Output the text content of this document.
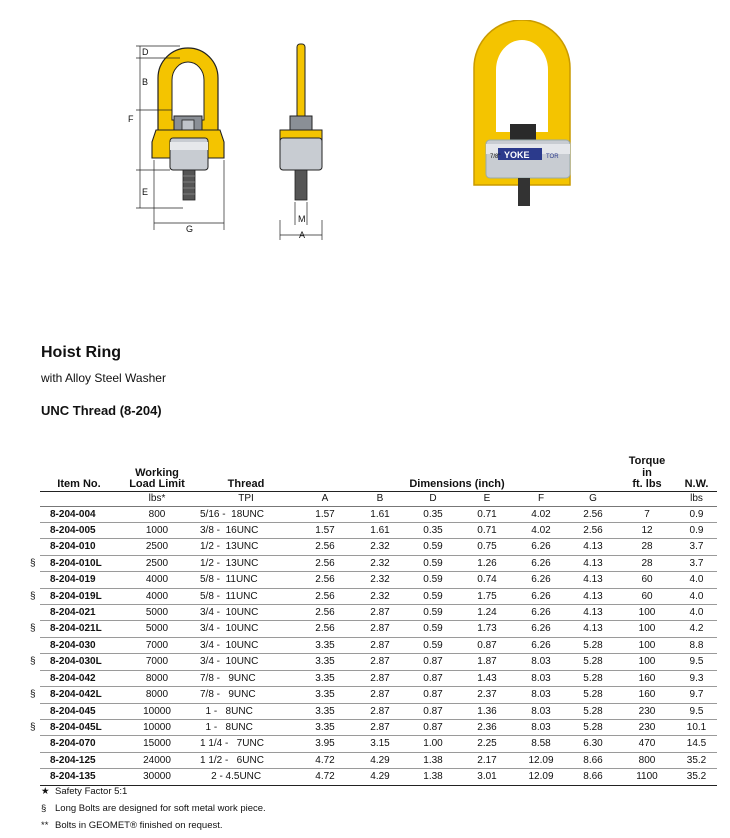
D
B
F
E
G
M
A
YOKE
7/8"	TOR
Hoist Ring
with Alloy Steel Washer
UNC Thread (8-204)
Item No.	Working
Load Limit	Thread	Dimensions (inch)						Torque
in
ft. lbs	N.W.
	lbs*	TPI	A	B	D	E	F	G		lbs

8-204-004	800	5/16 -  18UNC	1.57	1.61	0.35	0.71	4.02	2.56	7	0.9

8-204-005	1000	3/8 -  16UNC	1.57	1.61	0.35	0.71	4.02	2.56	12	0.9

8-204-010	2500	1/2 -  13UNC	2.56	2.32	0.59	0.75	6.26	4.13	28	3.7

§ 8-204-010L	2500	1/2 -  13UNC	2.56	2.32	0.59	1.26	6.26	4.13	28	3.7

8-204-019	4000	5/8 -  11UNC	2.56	2.32	0.59	0.74	6.26	4.13	60	4.0

§ 8-204-019L	4000	5/8 -  11UNC	2.56	2.32	0.59	1.75	6.26	4.13	60	4.0

8-204-021	5000	3/4 -  10UNC	2.56	2.87	0.59	1.24	6.26	4.13	100	4.0

§ 8-204-021L	5000	3/4 -  10UNC	2.56	2.87	0.59	1.73	6.26	4.13	100	4.2

8-204-030	7000	3/4 -  10UNC	3.35	2.87	0.59	0.87	6.26	5.28	100	8.8

§ 8-204-030L	7000	3/4 -  10UNC	3.35	2.87	0.87	1.87	8.03	5.28	100	9.5

8-204-042	8000	7/8 -   9UNC	3.35	2.87	0.87	1.43	8.03	5.28	160	9.3

§ 8-204-042L	8000	7/8 -   9UNC	3.35	2.87	0.87	2.37	8.03	5.28	160	9.7

8-204-045	10000	1 -   8UNC	3.35	2.87	0.87	1.36	8.03	5.28	230	9.5

§ 8-204-045L	10000	1 -   8UNC	3.35	2.87	0.87	2.36	8.03	5.28	230	10.1

8-204-070	15000	1 1/4 -   7UNC	3.95	3.15	1.00	2.25	8.58	6.30	470	14.5

8-204-125	24000	1 1/2 -   6UNC	4.72	4.29	1.38	2.17	12.09	8.66	800	35.2

8-204-135	30000	2 - 4.5UNC	4.72	4.29	1.38	3.01	12.09	8.66	1100	35.2
★ Safety Factor 5:1
§ Long Bolts are designed for soft metal work piece.
** Bolts in GEOMET® finished on request.
